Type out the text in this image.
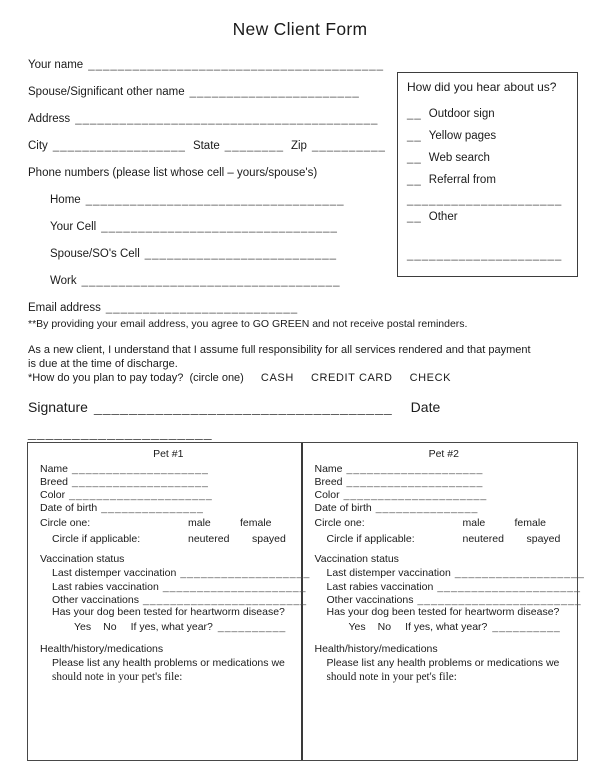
New Client Form
Your name ________________________________________
Spouse/Significant other name _______________________
Address _________________________________________
City __________________ State ________ Zip __________
Phone numbers (please list whose cell – yours/spouse's)
Home ___________________________________
Your Cell ________________________________
Spouse/SO's Cell __________________________
Work ___________________________________
Email address __________________________
**By providing your email address, you agree to GO GREEN and not receive postal reminders.
How did you hear about us?
__ Outdoor sign
__ Yellow pages
__ Web search
__ Referral from
_____________________
__ Other
_____________________
As a new client, I understand that I assume full responsibility for all services rendered and that payment
is due at the time of discharge.
*How do you plan to pay today?  (circle one) CASH CREDIT CARD CHECK
Signature __________________________________ Date
_____________________
Pet #1
Name ____________________
Breed ____________________
Color _____________________
Date of birth _______________
Circle one:	male	female
Circle if applicable:	neutered	spayed
Vaccination status
Last distemper vaccination ___________________
Last rabies vaccination _____________________
Other vaccinations ________________________
Has your dog been tested for heartworm disease?
Yes No If yes, what year? __________
Health/history/medications
Please list any health problems or medications we
should note in your pet's file:
Pet #2
Name ____________________
Breed ____________________
Color _____________________
Date of birth _______________
Circle one:	male	female
Circle if applicable:	neutered	spayed
Vaccination status
Last distemper vaccination ___________________
Last rabies vaccination _____________________
Other vaccinations ________________________
Has your dog been tested for heartworm disease?
Yes No If yes, what year? __________
Health/history/medications
Please list any health problems or medications we
should note in your pet's file:
